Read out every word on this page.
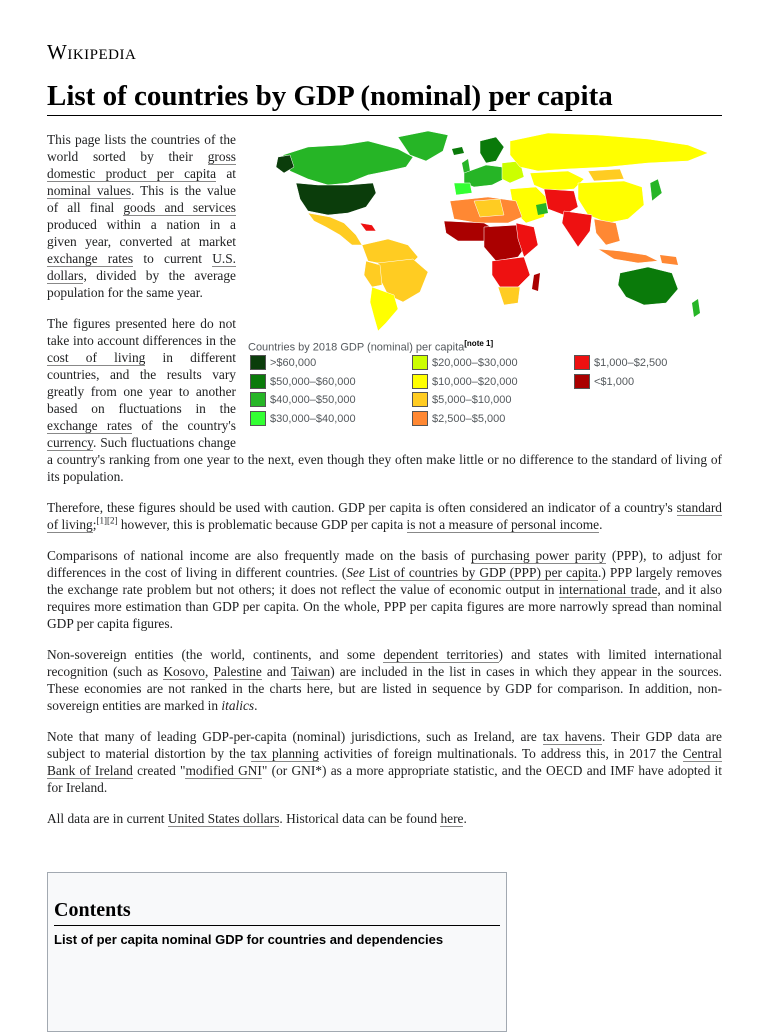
Wikipedia
List of countries by GDP (nominal) per capita
Countries by 2018 GDP (nominal) per capita[note 1]
>$60,000
$50,000–$60,000
$40,000–$50,000
$30,000–$40,000
$20,000–$30,000
$10,000–$20,000
$5,000–$10,000
$2,500–$5,000
$1,000–$2,500
<$1,000

This page lists the countries of the world sorted by their gross domestic product per capita at nominal values. This is the value of all final goods and services produced within a nation in a given year, converted at market exchange rates to current U.S. dollars, divided by the average population for the same year.

The figures presented here do not take into account differences in the cost of living in different countries, and the results vary greatly from one year to another based on fluctuations in the exchange rates of the country's currency. Such fluctuations change a country's ranking from one year to the next, even though they often make little or no difference to the standard of living of its population.

Therefore, these figures should be used with caution. GDP per capita is often considered an indicator of a country's standard of living;[1][2] however, this is problematic because GDP per capita is not a measure of personal income.

Comparisons of national income are also frequently made on the basis of purchasing power parity (PPP), to adjust for differences in the cost of living in different countries. (See List of countries by GDP (PPP) per capita.) PPP largely removes the exchange rate problem but not others; it does not reflect the value of economic output in international trade, and it also requires more estimation than GDP per capita. On the whole, PPP per capita figures are more narrowly spread than nominal GDP per capita figures.

Non-sovereign entities (the world, continents, and some dependent territories) and states with limited international recognition (such as Kosovo, Palestine and Taiwan) are included in the list in cases in which they appear in the sources. These economies are not ranked in the charts here, but are listed in sequence by GDP for comparison. In addition, non-sovereign entities are marked in italics.

Note that many of leading GDP-per-capita (nominal) jurisdictions, such as Ireland, are tax havens. Their GDP data are subject to material distortion by the tax planning activities of foreign multinationals. To address this, in 2017 the Central Bank of Ireland created "modified GNI" (or GNI*) as a more appropriate statistic, and the OECD and IMF have adopted it for Ireland.

All data are in current United States dollars. Historical data can be found here.

Contents
List of per capita nominal GDP for countries and dependencies
